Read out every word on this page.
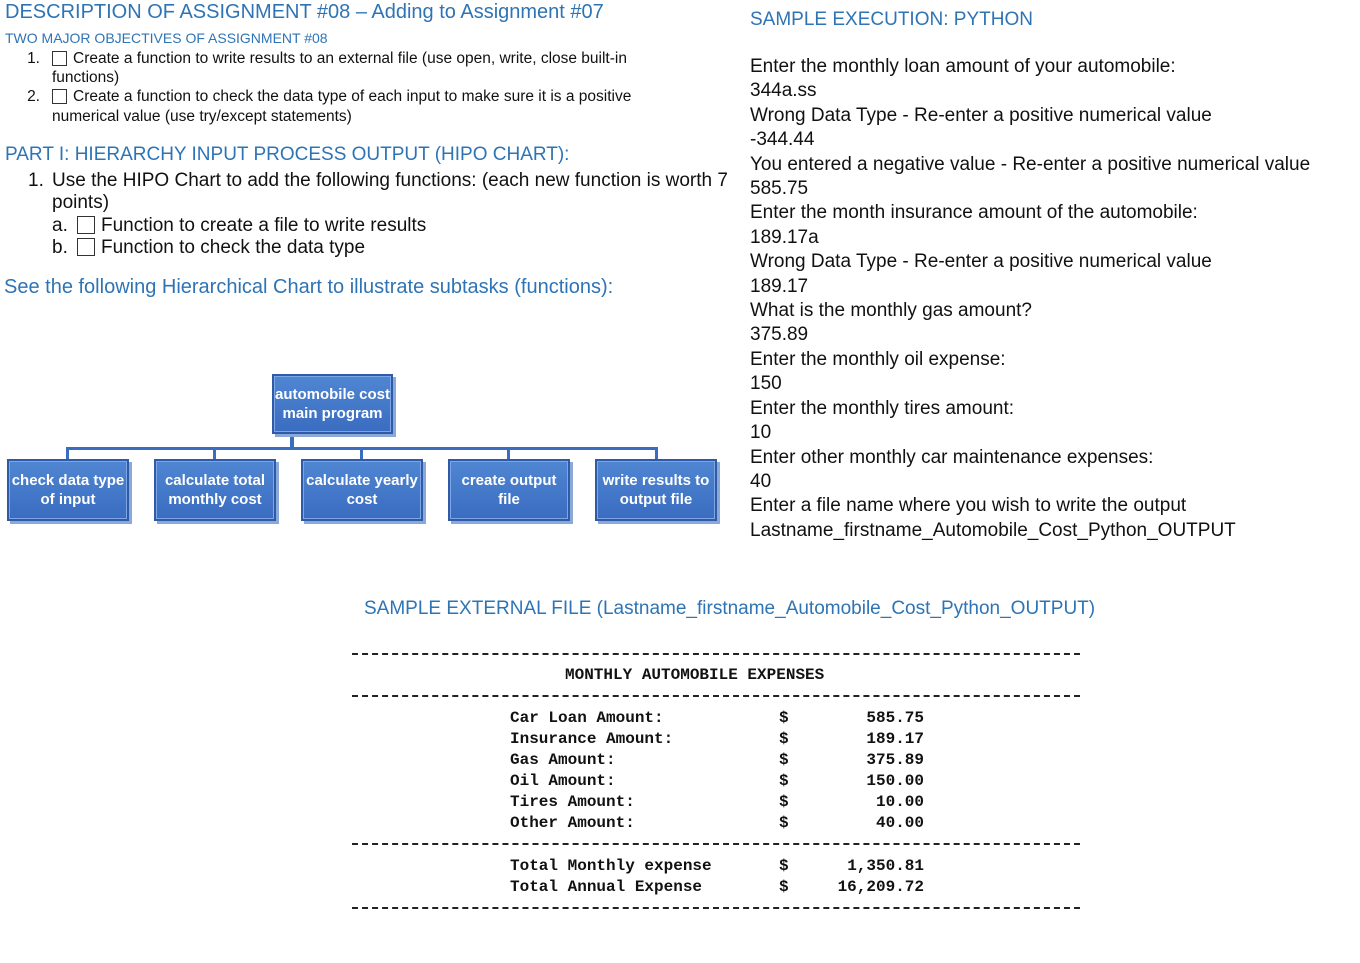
DESCRIPTION OF ASSIGNMENT #08 – Adding to Assignment #07
TWO MAJOR OBJECTIVES OF ASSIGNMENT #08
1.	Create a function to write results to an external file (use open, write, close built-in
functions)
2.	Create a function to check the data type of each input to make sure it is a positive
numerical value (use try/except statements)
PART I: HIERARCHY INPUT PROCESS OUTPUT (HIPO CHART):
1. Use the HIPO Chart to add the following functions: (each new function is worth 7
points)
a.	Function to create a file to write results
b.	Function to check the data type
See the following Hierarchical Chart to illustrate subtasks (functions):
automobile cost main program
check data type of input
calculate total monthly cost
calculate yearly cost
create output file
write results to output file
SAMPLE EXECUTION: PYTHON
Enter the monthly loan amount of your automobile:
344a.ss
Wrong Data Type - Re-enter a positive numerical value
-344.44
You entered a negative value - Re-enter a positive numerical value
585.75
Enter the month insurance amount of the automobile:
189.17a
Wrong Data Type - Re-enter a positive numerical value
189.17
What is the monthly gas amount?
375.89
Enter the monthly oil expense:
150
Enter the monthly tires amount:
10
Enter other monthly car maintenance expenses:
40
Enter a file name where you wish to write the output
Lastname_firstname_Automobile_Cost_Python_OUTPUT
SAMPLE EXTERNAL FILE (Lastname_firstname_Automobile_Cost_Python_OUTPUT)
MONTHLY AUTOMOBILE EXPENSES
Car Loan Amount:	$	585.75
Insurance Amount:	$	189.17
Gas Amount:	$	375.89
Oil Amount:	$	150.00
Tires Amount:	$	10.00
Other Amount:	$	40.00
Total Monthly expense	$	1,350.81
Total Annual Expense	$	16,209.72
